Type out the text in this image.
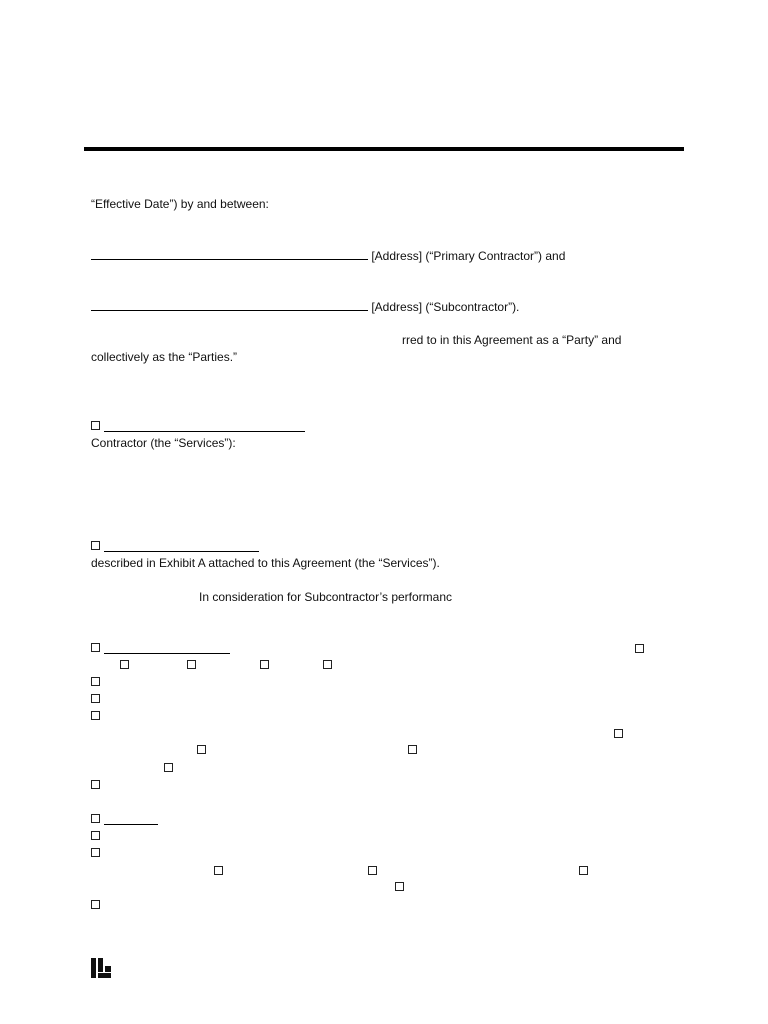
“Effective Date”) by and between:
[Address] (“Primary Contractor”) and
[Address] (“Subcontractor”).
rred to in this Agreement as a “Party” and
collectively as the “Parties.”
Contractor (the “Services”):
described in Exhibit A attached to this Agreement (the “Services”).
In consideration for Subcontractor’s performanc
